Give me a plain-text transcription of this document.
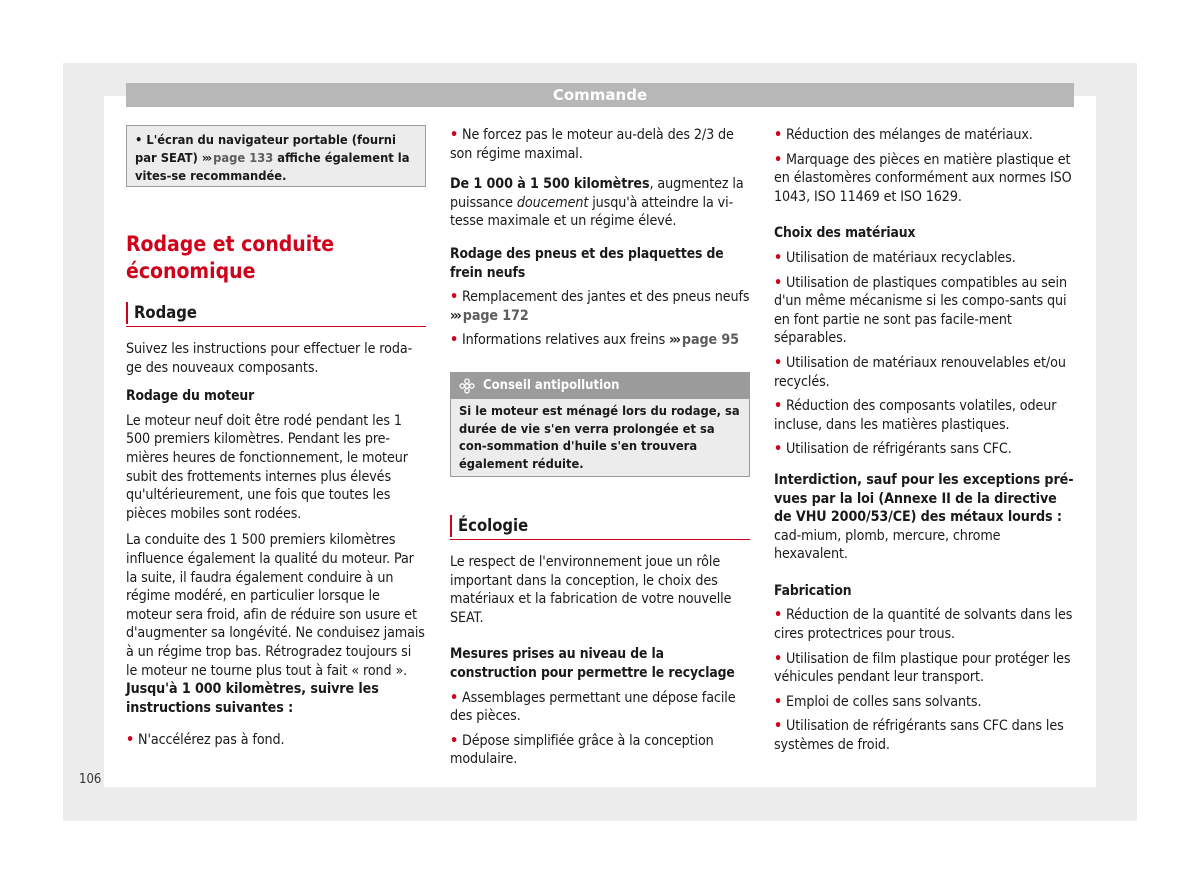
Commande
• L'écran du navigateur portable (fourni par SEAT) ››› page 133 affiche également la vites-se recommandée.
Rodage et conduite
économique
Rodage

Suivez les instructions pour effectuer le roda-ge des nouveaux composants.

Rodage du moteur

Le moteur neuf doit être rodé pendant les 1 500 premiers kilomètres. Pendant les pre-mières heures de fonctionnement, le moteur subit des frottements internes plus élevés qu'ultérieurement, une fois que toutes les pièces mobiles sont rodées.

La conduite des 1 500 premiers kilomètres influence également la qualité du moteur. Par la suite, il faudra également conduire à un régime modéré, en particulier lorsque le moteur sera froid, afin de réduire son usure et d'augmenter sa longévité. Ne conduisez jamais à un régime trop bas. Rétrogradez toujours si le moteur ne tourne plus tout à fait « rond ». Jusqu'à 1 000 kilomètres, suivre les instructions suivantes :

• N'accélérez pas à fond.
• Ne forcez pas le moteur au-delà des 2/3 de son régime maximal.

De 1 000 à 1 500 kilomètres, augmentez la puissance doucement jusqu'à atteindre la vi-tesse maximale et un régime élevé.

Rodage des pneus et des plaquettes de frein neufs

• Remplacement des jantes et des pneus neufs ››› page 172
• Informations relatives aux freins ››› page 95
Conseil antipollution
Si le moteur est ménagé lors du rodage, sa durée de vie s'en verra prolongée et sa con-sommation d'huile s'en trouvera également réduite.
Écologie

Le respect de l'environnement joue un rôle important dans la conception, le choix des matériaux et la fabrication de votre nouvelle SEAT.

Mesures prises au niveau de la construction pour permettre le recyclage

• Assemblages permettant une dépose facile des pièces.
• Dépose simplifiée grâce à la conception modulaire.
• Réduction des mélanges de matériaux.
• Marquage des pièces en matière plastique et en élastomères conformément aux normes ISO 1043, ISO 11469 et ISO 1629.

Choix des matériaux

• Utilisation de matériaux recyclables.
• Utilisation de plastiques compatibles au sein d'un même mécanisme si les compo-sants qui en font partie ne sont pas facile-ment séparables.
• Utilisation de matériaux renouvelables et/ou recyclés.
• Réduction des composants volatiles, odeur incluse, dans les matières plastiques.
• Utilisation de réfrigérants sans CFC.

Interdiction, sauf pour les exceptions pré-vues par la loi (Annexe II de la directive de VHU 2000/53/CE) des métaux lourds : cad-mium, plomb, mercure, chrome hexavalent.

Fabrication

• Réduction de la quantité de solvants dans les cires protectrices pour trous.
• Utilisation de film plastique pour protéger les véhicules pendant leur transport.
• Emploi de colles sans solvants.
• Utilisation de réfrigérants sans CFC dans les systèmes de froid.
106
